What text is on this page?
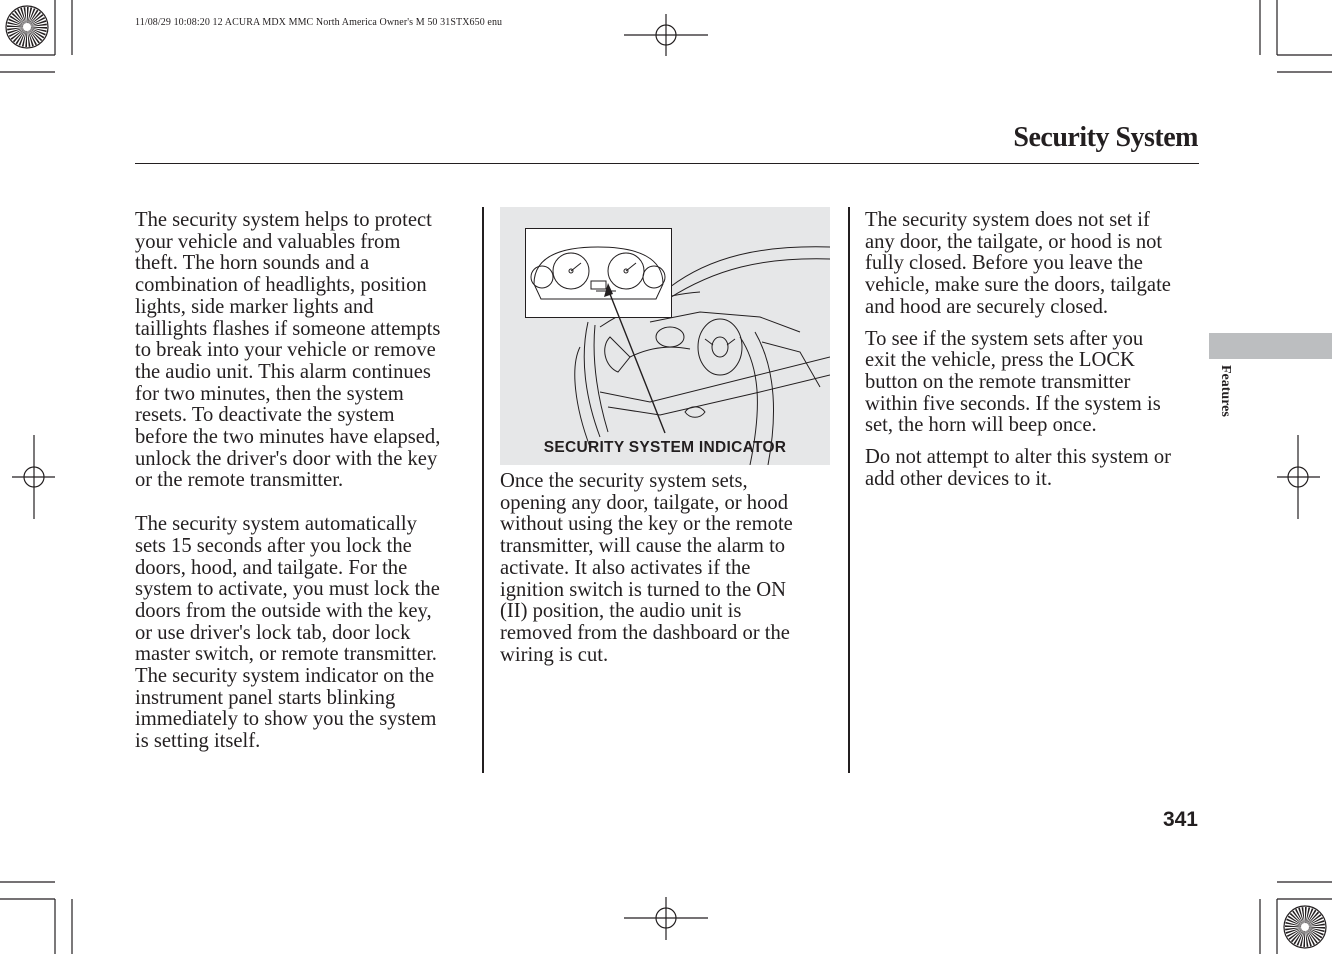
11/08/29 10:08:20 12 ACURA MDX MMC North America Owner's M 50 31STX650 enu
Security System

The security system helps to protect
your vehicle and valuables from
theft. The horn sounds and a
combination of headlights, position
lights, side marker lights and
taillights flashes if someone attempts
to break into your vehicle or remove
the audio unit. This alarm continues
for two minutes, then the system
resets. To deactivate the system
before the two minutes have elapsed,
unlock the driver's door with the key
or the remote transmitter.

The security system automatically
sets 15 seconds after you lock the
doors, hood, and tailgate. For the
system to activate, you must lock the
doors from the outside with the key,
or use driver's lock tab, door lock
master switch, or remote transmitter.
The security system indicator on the
instrument panel starts blinking
immediately to show you the system
is setting itself.

SECURITY SYSTEM INDICATOR

Once the security system sets,
opening any door, tailgate, or hood
without using the key or the remote
transmitter, will cause the alarm to
activate. It also activates if the
ignition switch is turned to the ON
(II) position, the audio unit is
removed from the dashboard or the
wiring is cut.

The security system does not set if
any door, the tailgate, or hood is not
fully closed. Before you leave the
vehicle, make sure the doors, tailgate
and hood are securely closed.

To see if the system sets after you
exit the vehicle, press the LOCK
button on the remote transmitter
within five seconds. If the system is
set, the horn will beep once.

Do not attempt to alter this system or
add other devices to it.

Features
341
